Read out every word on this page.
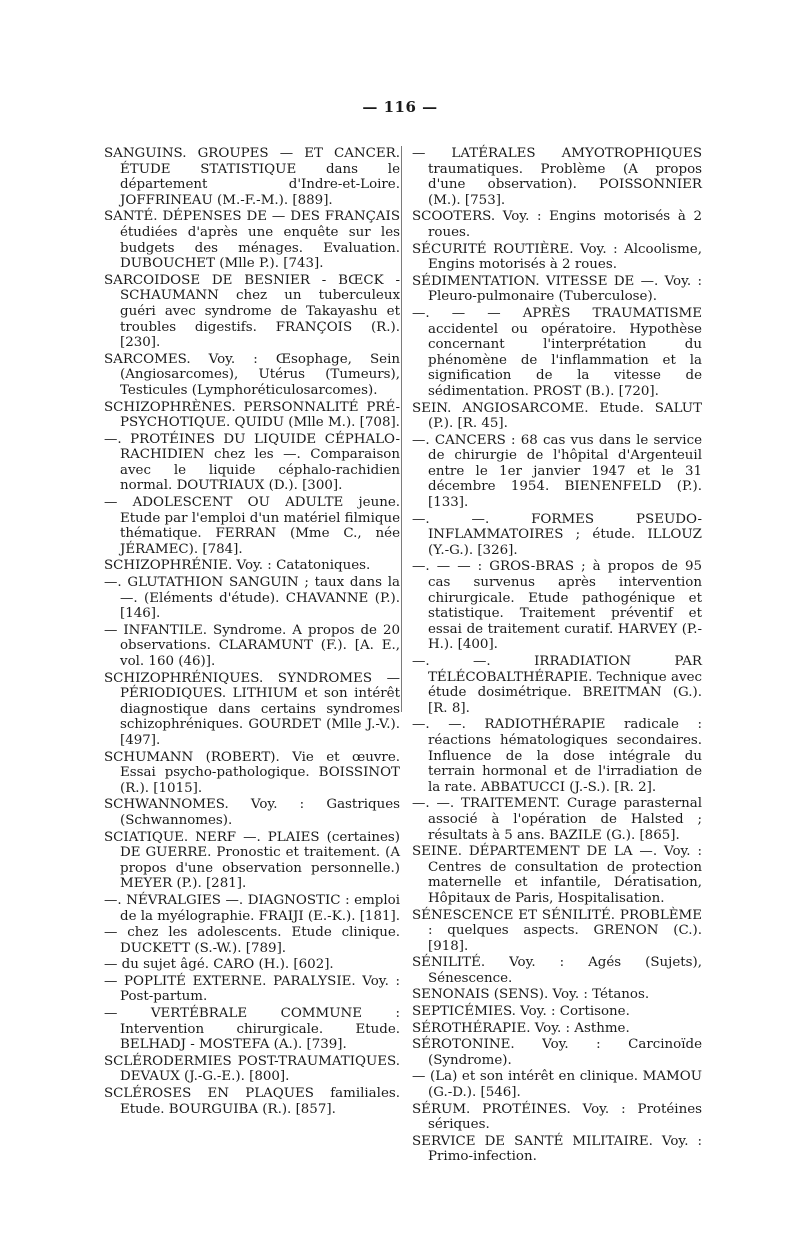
— 116 —

SANGUINS. GROUPES — ET CANCER. ÉTUDE STATISTIQUE dans le département d'Indre-et-Loire. JOFFRINEAU (M.-F.-M.). [889].

SANTÉ. DÉPENSES DE — DES FRANÇAIS étudiées d'après une enquête sur les budgets des ménages. Evaluation. DUBOUCHET (Mlle P.). [743].

SARCOIDOSE DE BESNIER - BŒCK - SCHAUMANN chez un tuberculeux guéri avec syndrome de Takayashu et troubles digestifs. FRANÇOIS (R.). [230].

SARCOMES. Voy. : Œsophage, Sein (Angiosarcomes), Utérus (Tumeurs), Testicules (Lymphoréticulosarcomes).

SCHIZOPHRÈNES. PERSONNALITÉ PRÉ-PSYCHOTIQUE. QUIDU (Mlle M.). [708].

—. PROTÉINES DU LIQUIDE CÉPHALO-RACHIDIEN chez les —. Comparaison avec le liquide céphalo-rachidien normal. DOUTRIAUX (D.). [300].

— ADOLESCENT OU ADULTE jeune. Etude par l'emploi d'un matériel filmique thématique. FERRAN (Mme C., née JÉRAMEC). [784].

SCHIZOPHRÉNIE. Voy. : Catatoniques.

—. GLUTATHION SANGUIN ; taux dans la —. (Eléments d'étude). CHAVANNE (P.). [146].

— INFANTILE. Syndrome. A propos de 20 observations. CLARAMUNT (F.). [A. E., vol. 160 (46)].

SCHIZOPHRÉNIQUES. SYNDROMES — PÉRIODIQUES. LITHIUM et son intérêt diagnostique dans certains syndromes schizophréniques. GOURDET (Mlle J.-V.). [497].

SCHUMANN (ROBERT). Vie et œuvre. Essai psycho-pathologique. BOISSINOT (R.). [1015].

SCHWANNOMES. Voy. : Gastriques (Schwannomes).

SCIATIQUE. NERF —. PLAIES (certaines) DE GUERRE. Pronostic et traitement. (A propos d'une observation personnelle.) MEYER (P.). [281].

—. NÉVRALGIES —. DIAGNOSTIC : emploi de la myélographie. FRAIJI (E.-K.). [181].

— chez les adolescents. Etude clinique. DUCKETT (S.-W.). [789].

— du sujet âgé. CARO (H.). [602].

— POPLITÉ EXTERNE. PARALYSIE. Voy. : Post-partum.

— VERTÉBRALE COMMUNE : Intervention chirurgicale. Etude. BELHADJ - MOSTEFA (A.). [739].

SCLÉRODERMIES POST-TRAUMATIQUES. DEVAUX (J.-G.-E.). [800].

SCLÉROSES EN PLAQUES familiales. Etude. BOURGUIBA (R.). [857].

— LATÉRALES AMYOTROPHIQUES traumatiques. Problème (A propos d'une observation). POISSONNIER (M.). [753].

SCOOTERS. Voy. : Engins motorisés à 2 roues.

SÉCURITÉ ROUTIÈRE. Voy. : Alcoolisme, Engins motorisés à 2 roues.

SÉDIMENTATION. VITESSE DE —. Voy. : Pleuro-pulmonaire (Tuberculose).

—. — — APRÈS TRAUMATISME accidentel ou opératoire. Hypothèse concernant l'interprétation du phénomène de l'inflammation et la signification de la vitesse de sédimentation. PROST (B.). [720].

SEIN. ANGIOSARCOME. Etude. SALUT (P.). [R. 45].

—. CANCERS : 68 cas vus dans le service de chirurgie de l'hôpital d'Argenteuil entre le 1er janvier 1947 et le 31 décembre 1954. BIENENFELD (P.). [133].

—. —. FORMES PSEUDO-INFLAMMATOIRES ; étude. ILLOUZ (Y.-G.). [326].

—. — — : GROS-BRAS ; à propos de 95 cas survenus après intervention chirurgicale. Etude pathogénique et statistique. Traitement préventif et essai de traitement curatif. HARVEY (P.-H.). [400].

—. —. IRRADIATION PAR TÉLÉCOBALTHÉRAPIE. Technique avec étude dosimétrique. BREITMAN (G.). [R. 8].

—. —. RADIOTHÉRAPIE radicale : réactions hématologiques secondaires. Influence de la dose intégrale du terrain hormonal et de l'irradiation de la rate. ABBATUCCI (J.-S.). [R. 2].

—. —. TRAITEMENT. Curage parasternal associé à l'opération de Halsted ; résultats à 5 ans. BAZILE (G.). [865].

SEINE. DÉPARTEMENT DE LA —. Voy. : Centres de consultation de protection maternelle et infantile, Dératisation, Hôpitaux de Paris, Hospitalisation.

SÉNESCENCE ET SÉNILITÉ. PROBLÈME : quelques aspects. GRENON (C.). [918].

SÉNILITÉ. Voy. : Agés (Sujets), Sénescence.

SENONAIS (SENS). Voy. : Tétanos.

SEPTICÉMIES. Voy. : Cortisone.

SÉROTHÉRAPIE. Voy. : Asthme.

SÉROTONINE. Voy. : Carcinoïde (Syndrome).

— (La) et son intérêt en clinique. MAMOU (G.-D.). [546].

SÉRUM. PROTÉINES. Voy. : Protéines sériques.

SERVICE DE SANTÉ MILITAIRE. Voy. : Primo-infection.
